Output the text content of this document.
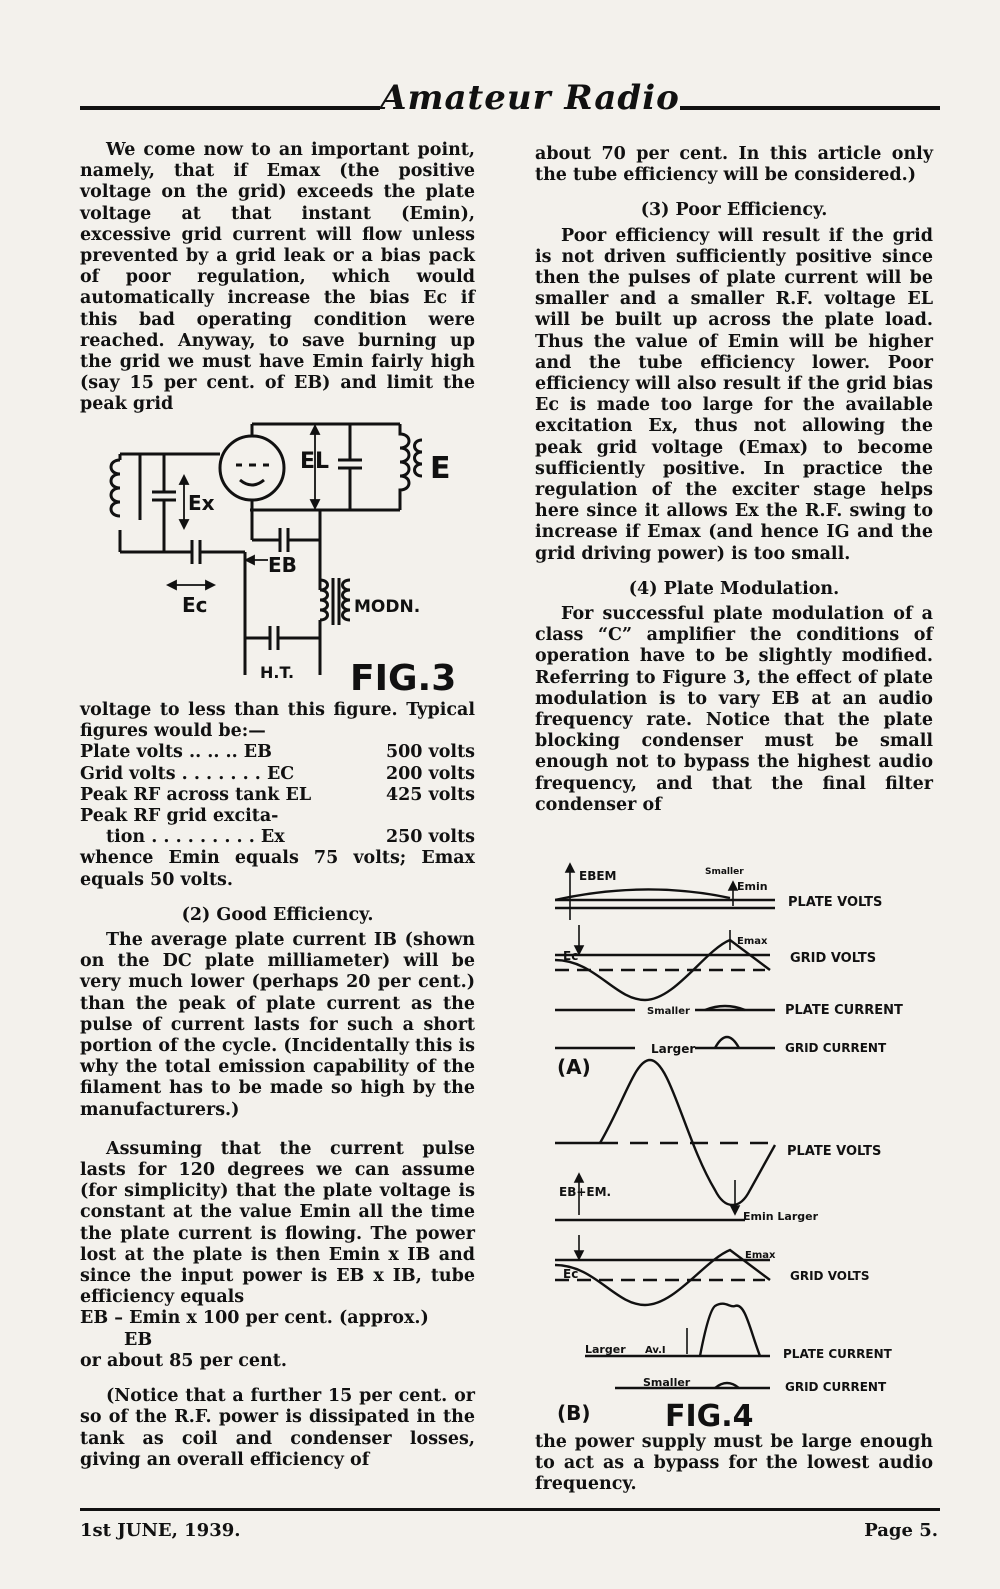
Amateur Radio

We come now to an important point, namely, that if Emax (the positive voltage on the grid) exceeds the plate voltage at that instant (Emin), excessive grid current will flow unless prevented by a grid leak or a bias pack of poor regulation, which would automatically increase the bias Ec if this bad operating condition were reached. Anyway, to save burning up the grid we must have Emin fairly high (say 15 per cent. of EB) and limit the peak grid

Ex
EL	E
EB
Ec	MODN.
H.T. FIG.3

voltage to less than this figure. Typical figures would be:—

Plate volts .. .. .. EB	500 volts
Grid volts . . . . . . . EC	200 volts
Peak RF across tank EL	425 volts
Peak RF grid excita-
tion . . . . . . . . . Ex	250 volts

whence Emin equals 75 volts; Emax equals 50 volts.

(2) Good Efficiency.

The average plate current IB (shown on the DC plate milliameter) will be very much lower (perhaps 20 per cent.) than the peak of plate current as the pulse of current lasts for such a short portion of the cycle. (Incidentally this is why the total emission capability of the filament has to be made so high by the manufacturers.)

Assuming that the current pulse lasts for 120 degrees we can assume (for simplicity) that the plate voltage is constant at the value Emin all the time the plate current is flowing. The power lost at the plate is then Emin x IB and since the input power is EB x IB, tube efficiency equals

EB – Emin x 100 per cent. (approx.)

EB

or about 85 per cent.

(Notice that a further 15 per cent. or so of the R.F. power is dissipated in the tank as coil and condenser losses, giving an overall efficiency of

about 70 per cent. In this article only the tube efficiency will be considered.)

(3) Poor Efficiency.

Poor efficiency will result if the grid is not driven sufficiently positive since then the pulses of plate current will be smaller and a smaller R.F. voltage EL will be built up across the plate load. Thus the value of Emin will be higher and the tube efficiency lower. Poor efficiency will also result if the grid bias Ec is made too large for the available excitation Ex, thus not allowing the peak grid voltage (Emax) to become sufficiently positive. In practice the regulation of the exciter stage helps here since it allows Ex the R.F. swing to increase if Emax (and hence IG and the grid driving power) is too small.

(4) Plate Modulation.

For successful plate modulation of a class “C” amplifier the conditions of operation have to be slightly modified. Referring to Figure 3, the effect of plate modulation is to vary EB at an audio frequency rate. Notice that the plate blocking condenser must be small enough not to bypass the highest audio frequency, and that the final filter condenser of

EBEM	Smaller
Emin
PLATE VOLTS
Emax
Ec	GRID VOLTS
Smaller	PLATE CURRENT
Larger	GRID CURRENT
(A)
PLATE VOLTS
EB+EM.
Emin Larger
Emax
Ec	GRID VOLTS
Larger Av.I	PLATE CURRENT
Smaller	GRID CURRENT
(B) FIG.4

the power supply must be large enough to act as a bypass for the lowest audio frequency.

1st JUNE, 1939.	Page 5.
